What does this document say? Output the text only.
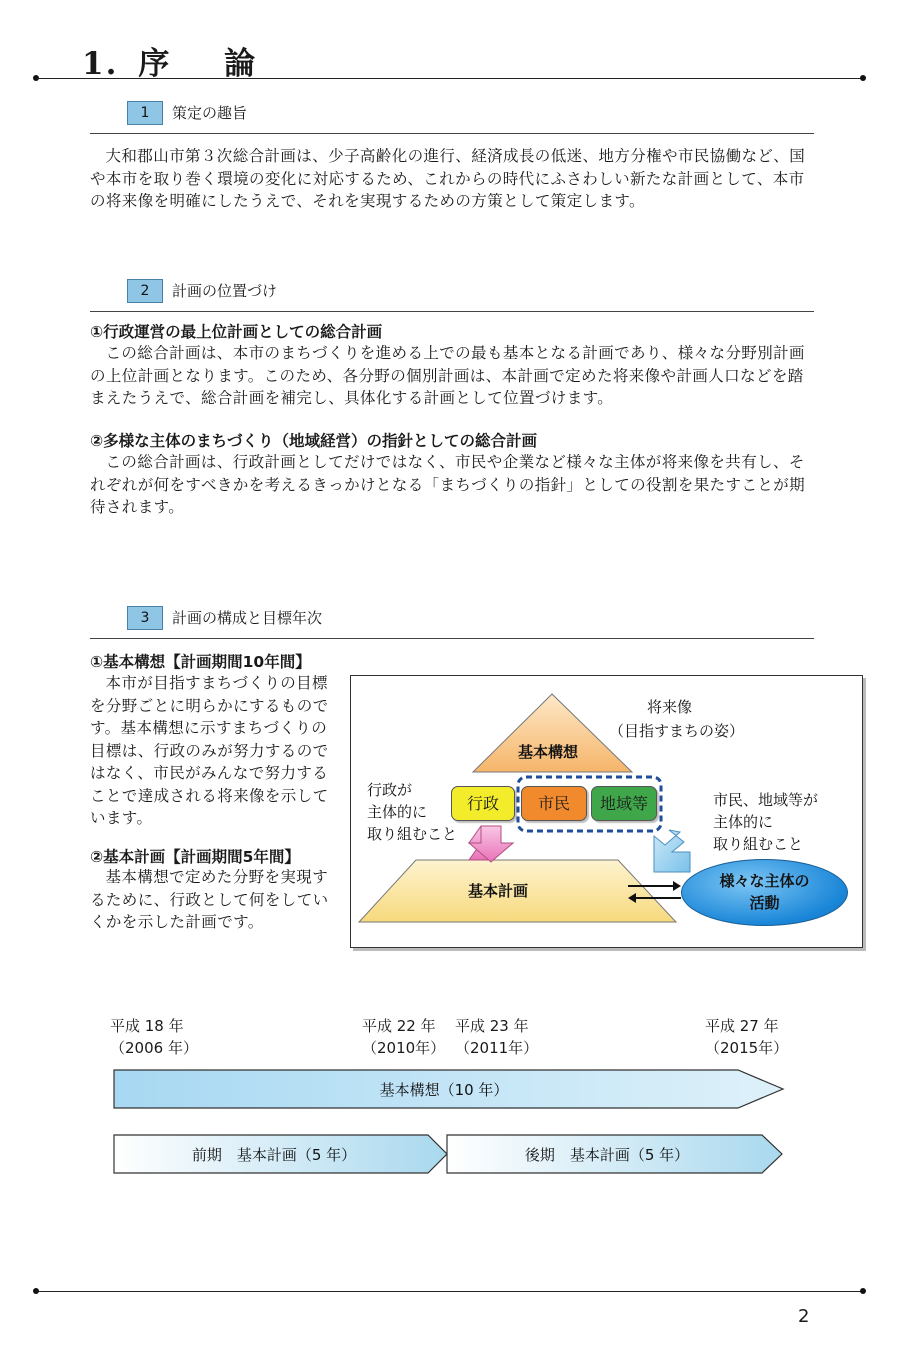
1. 序 論
1	策定の趣旨
大和郡山市第３次総合計画は、少子高齢化の進行、経済成長の低迷、地方分権や市民協働など、国や本市を取り巻く環境の変化に対応するため、これからの時代にふさわしい新たな計画として、本市の将来像を明確にしたうえで、それを実現するための方策として策定します。
2	計画の位置づけ
①行政運営の最上位計画としての総合計画
この総合計画は、本市のまちづくりを進める上での最も基本となる計画であり、様々な分野別計画の上位計画となります。このため、各分野の個別計画は、本計画で定めた将来像や計画人口などを踏まえたうえで、総合計画を補完し、具体化する計画として位置づけます。
②多様な主体のまちづくり（地域経営）の指針としての総合計画
この総合計画は、行政計画としてだけではなく、市民や企業など様々な主体が将来像を共有し、それぞれが何をすべきかを考えるきっかけとなる「まちづくりの指針」としての役割を果たすことが期待されます。
3	計画の構成と目標年次
①基本構想【計画期間10年間】
本市が目指すまちづくりの目標を分野ごとに明らかにするものです。基本構想に示すまちづくりの目標は、行政のみが努力するのではなく、市民がみんなで努力することで達成される将来像を示しています。
②基本計画【計画期間5年間】
基本構想で定めた分野を実現するために、行政として何をしていくかを示した計画です。
将来像
（目指すまちの姿）
基本構想
行政が
主体的に
取り組むこと
行政	市民	地域等	市民、地域等が
主体的に
取り組むこと
基本計画
様々な主体の
活動
平成 18 年
（2006 年）
平成 22 年
（2010年）
平成 23 年
（2011年）
平成 27 年
（2015年）
基本構想（10 年）
前期　基本計画（5 年）	後期　基本計画（5 年）
2
